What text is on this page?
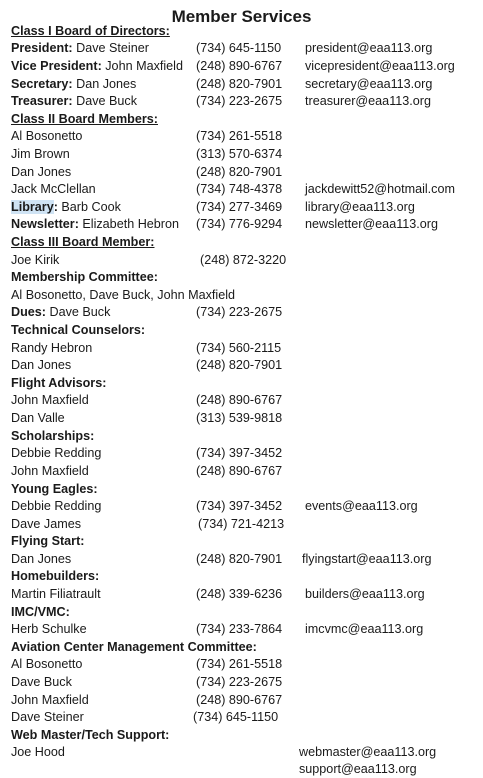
Member Services
Class I Board of Directors:
President: Dave Steiner	(734) 645-1150 president@eaa113.org
Vice President: John Maxfield (248) 890-6767 vicepresident@eaa113.org
Secretary: Dan Jones	(248) 820-7901 secretary@eaa113.org
Treasurer: Dave Buck	(734) 223-2675 treasurer@eaa113.org
Class II Board Members:
Al Bosonetto	(734) 261-5518
Jim Brown	(313) 570-6374
Dan Jones	(248) 820-7901
Jack McClellan	(734) 748-4378 jackdewitt52@hotmail.com
Library: Barb Cook	(734) 277-3469 library@eaa113.org
Newsletter: Elizabeth Hebron (734) 776-9294 newsletter@eaa113.org
Class III Board Member:
Joe Kirik	(248) 872-3220
Membership Committee:
Al Bosonetto, Dave Buck, John Maxfield
Dues: Dave Buck	(734) 223-2675
Technical Counselors:
Randy Hebron	(734) 560-2115
Dan Jones	(248) 820-7901
Flight Advisors:
John Maxfield	(248) 890-6767
Dan Valle	(313) 539-9818
Scholarships:
Debbie Redding	(734) 397-3452
John Maxfield	(248) 890-6767
Young Eagles:
Debbie Redding	(734) 397-3452 events@eaa113.org
Dave James	(734) 721-4213
Flying Start:
Dan Jones	(248) 820-7901 flyingstart@eaa113.org
Homebuilders:
Martin Filiatrault	(248) 339-6236 builders@eaa113.org
IMC/VMC:
Herb Schulke	(734) 233-7864 imcvmc@eaa113.org
Aviation Center Management Committee:
Al Bosonetto	(734) 261-5518
Dave Buck	(734) 223-2675
John Maxfield	(248) 890-6767
Dave Steiner	(734) 645-1150
Web Master/Tech Support:
Joe Hood	webmaster@eaa113.org
support@eaa113.org
